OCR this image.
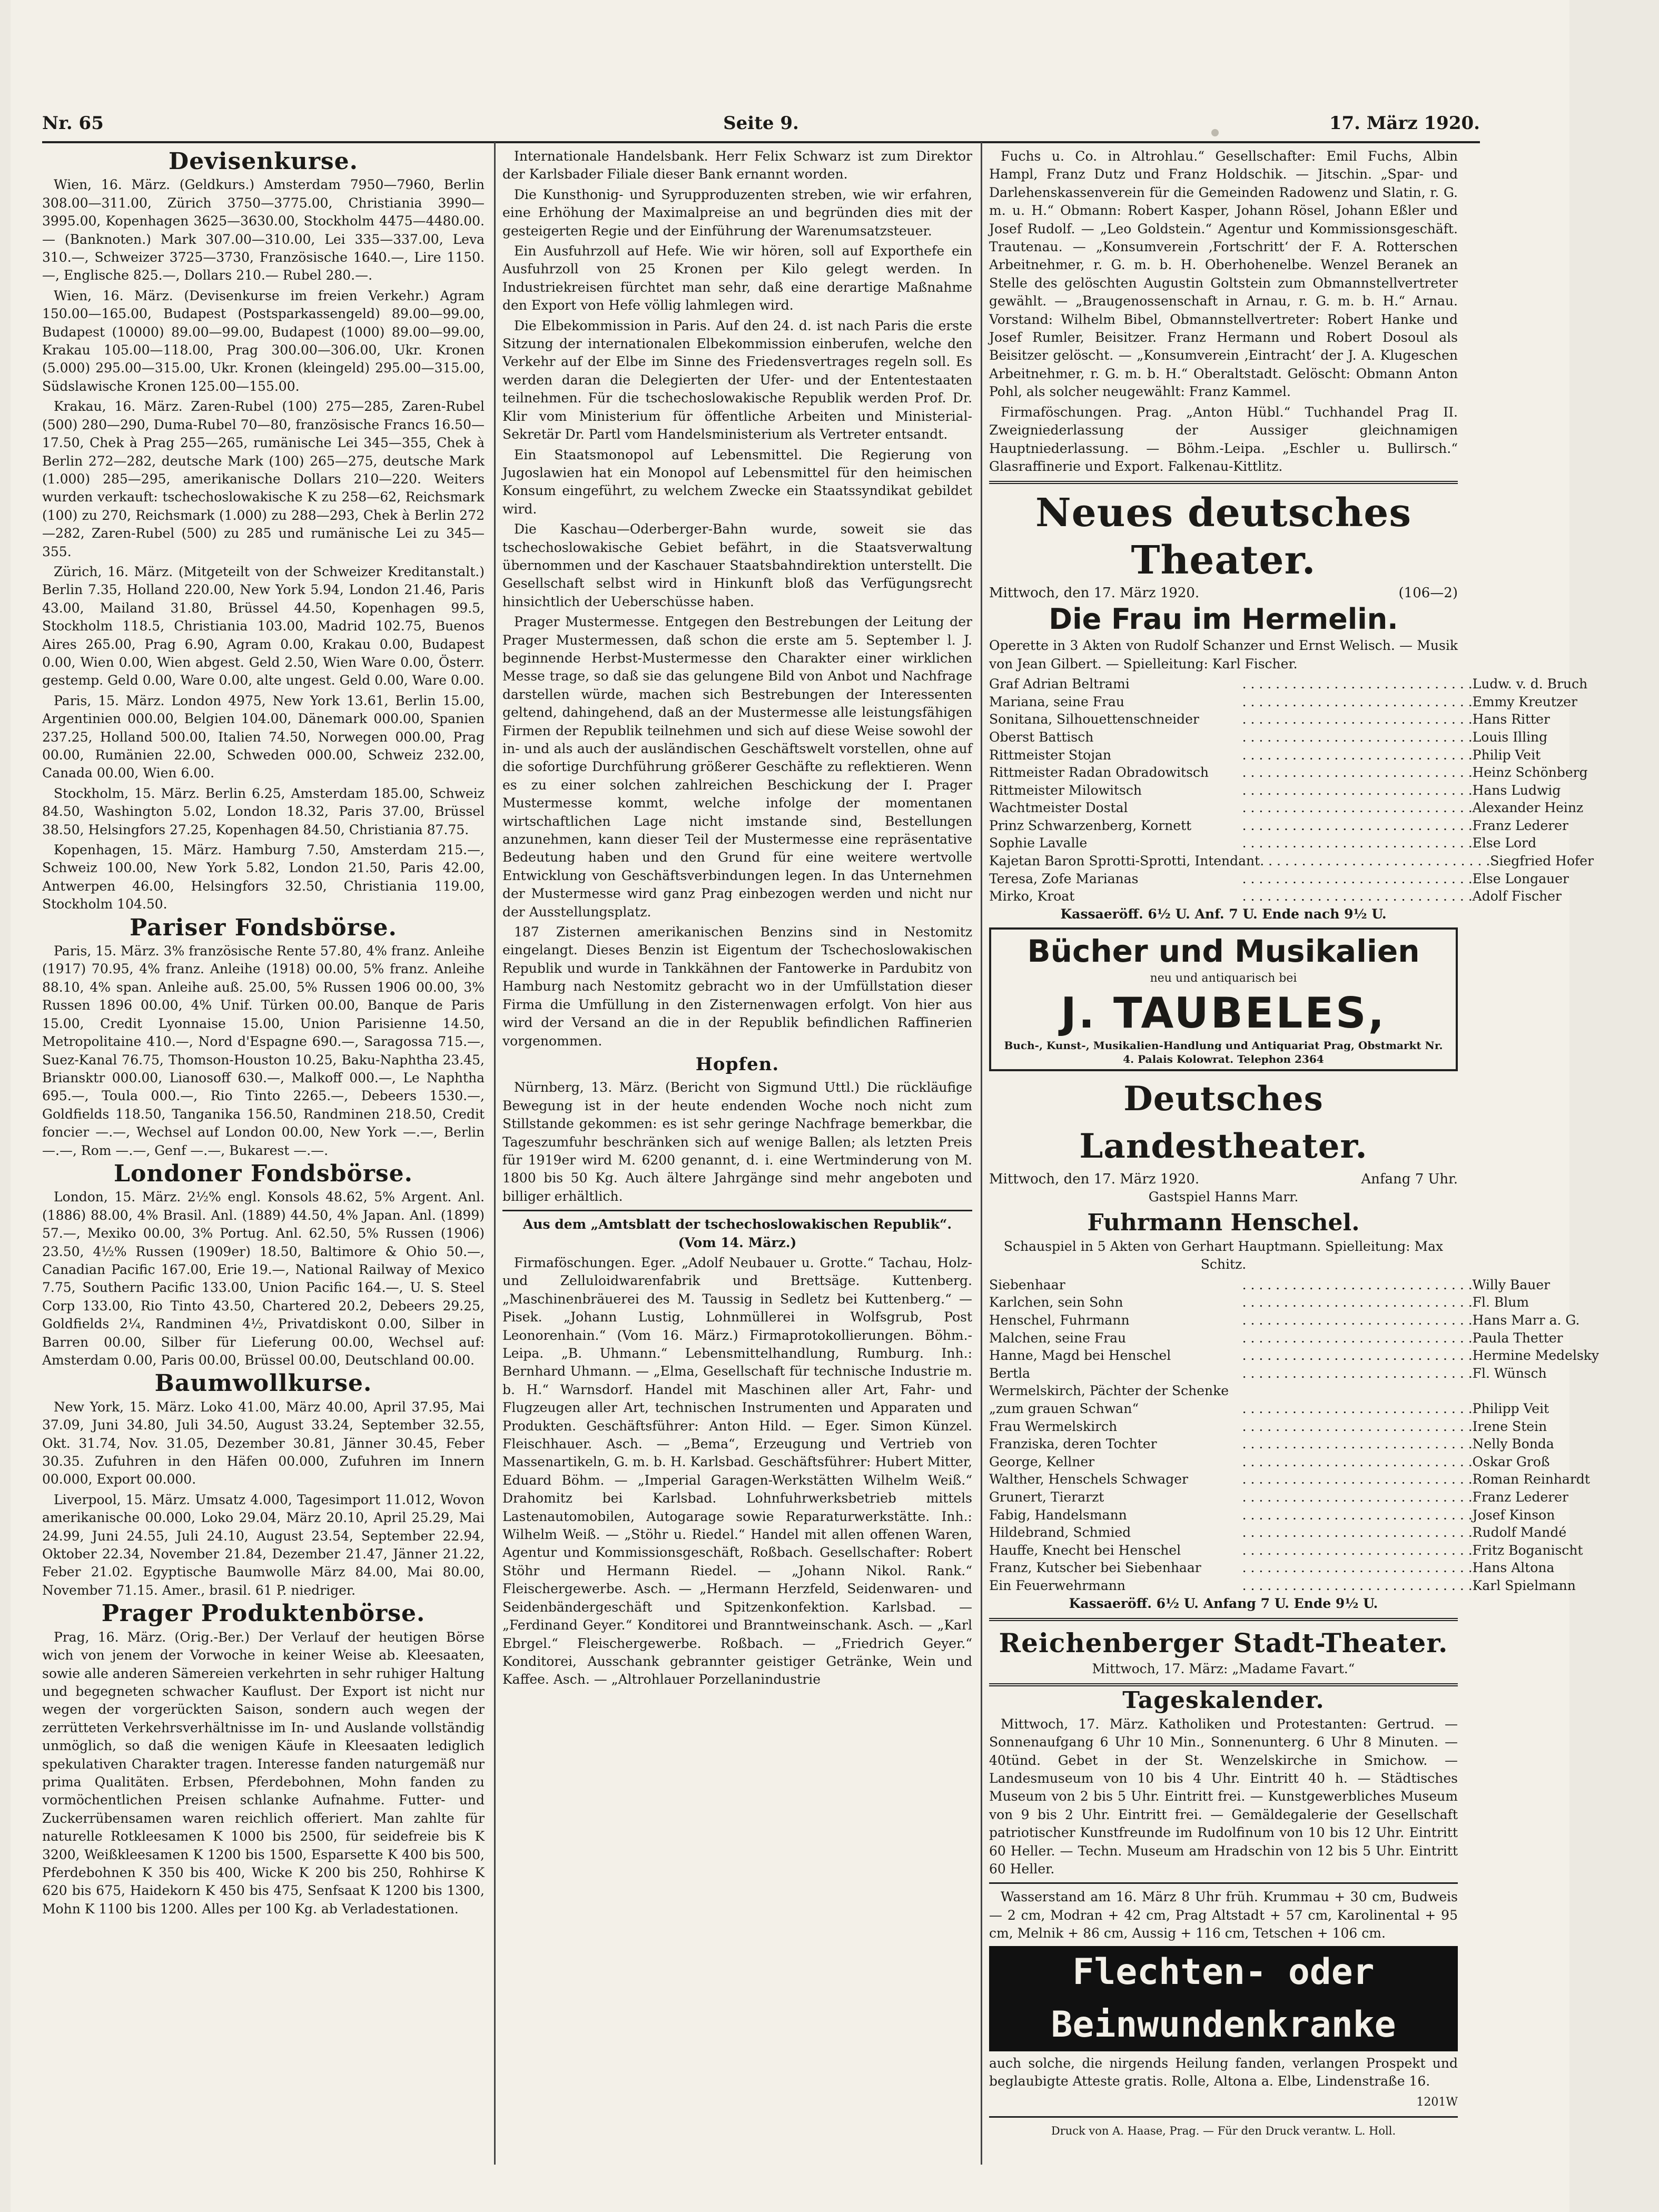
Nr. 65	Seite 9.	17. März 1920.
Devisenkurse.

Wien, 16. März. (Geldkurs.) Amsterdam 7950—7960, Berlin 308.00—311.00, Zürich 3750—3775.00, Christiania 3990—3995.00, Kopenhagen 3625—3630.00, Stockholm 4475—4480.00. — (Banknoten.) Mark 307.00—310.00, Lei 335—337.00, Leva 310.—, Schweizer 3725—3730, Französische 1640.—, Lire 1150.—, Englische 825.—, Dollars 210.— Rubel 280.—.

Wien, 16. März. (Devisenkurse im freien Verkehr.) Agram 150.00—165.00, Budapest (Postsparkassengeld) 89.00—99.00, Budapest (10000) 89.00—99.00, Budapest (1000) 89.00—99.00, Krakau 105.00—118.00, Prag 300.00—306.00, Ukr. Kronen (5.000) 295.00—315.00, Ukr. Kronen (kleingeld) 295.00—315.00, Südslawische Kronen 125.00—155.00.

Krakau, 16. März. Zaren-Rubel (100) 275—285, Zaren-Rubel (500) 280—290, Duma-Rubel 70—80, französische Francs 16.50—17.50, Chek à Prag 255—265, rumänische Lei 345—355, Chek à Berlin 272—282, deutsche Mark (100) 265—275, deutsche Mark (1.000) 285—295, amerikanische Dollars 210—220. Weiters wurden verkauft: tschechoslowakische K zu 258—62, Reichsmark (100) zu 270, Reichsmark (1.000) zu 288—293, Chek à Berlin 272—282, Zaren-Rubel (500) zu 285 und rumänische Lei zu 345—355.

Zürich, 16. März. (Mitgeteilt von der Schweizer Kreditanstalt.) Berlin 7.35, Holland 220.00, New York 5.94, London 21.46, Paris 43.00, Mailand 31.80, Brüssel 44.50, Kopenhagen 99.5, Stockholm 118.5, Christiania 103.00, Madrid 102.75, Buenos Aires 265.00, Prag 6.90, Agram 0.00, Krakau 0.00, Budapest 0.00, Wien 0.00, Wien abgest. Geld 2.50, Wien Ware 0.00, Österr. gestemp. Geld 0.00, Ware 0.00, alte ungest. Geld 0.00, Ware 0.00.

Paris, 15. März. London 4975, New York 13.61, Berlin 15.00, Argentinien 000.00, Belgien 104.00, Dänemark 000.00, Spanien 237.25, Holland 500.00, Italien 74.50, Norwegen 000.00, Prag 00.00, Rumänien 22.00, Schweden 000.00, Schweiz 232.00, Canada 00.00, Wien 6.00.

Stockholm, 15. März. Berlin 6.25, Amsterdam 185.00, Schweiz 84.50, Washington 5.02, London 18.32, Paris 37.00, Brüssel 38.50, Helsingfors 27.25, Kopenhagen 84.50, Christiania 87.75.

Kopenhagen, 15. März. Hamburg 7.50, Amsterdam 215.—, Schweiz 100.00, New York 5.82, London 21.50, Paris 42.00, Antwerpen 46.00, Helsingfors 32.50, Christiania 119.00, Stockholm 104.50.

Pariser Fondsbörse.

Paris, 15. März. 3% französische Rente 57.80, 4% franz. Anleihe (1917) 70.95, 4% franz. Anleihe (1918) 00.00, 5% franz. Anleihe 88.10, 4% span. Anleihe auß. 25.00, 5% Russen 1906 00.00, 3% Russen 1896 00.00, 4% Unif. Türken 00.00, Banque de Paris 15.00, Credit Lyonnaise 15.00, Union Parisienne 14.50, Metropolitaine 410.—, Nord d'Espagne 690.—, Saragossa 715.—, Suez-Kanal 76.75, Thomson-Houston 10.25, Baku-Naphtha 23.45, Briansktr 000.00, Lianosoff 630.—, Malkoff 000.—, Le Naphtha 695.—, Toula 000.—, Rio Tinto 2265.—, Debeers 1530.—, Goldfields 118.50, Tanganika 156.50, Randminen 218.50, Credit foncier —.—, Wechsel auf London 00.00, New York —.—, Berlin —.—, Rom —.—, Genf —.—, Bukarest —.—.

Londoner Fondsbörse.

London, 15. März. 2½% engl. Konsols 48.62, 5% Argent. Anl. (1886) 88.00, 4% Brasil. Anl. (1889) 44.50, 4% Japan. Anl. (1899) 57.—, Mexiko 00.00, 3% Portug. Anl. 62.50, 5% Russen (1906) 23.50, 4½% Russen (1909er) 18.50, Baltimore & Ohio 50.—, Canadian Pacific 167.00, Erie 19.—, National Railway of Mexico 7.75, Southern Pacific 133.00, Union Pacific 164.—, U. S. Steel Corp 133.00, Rio Tinto 43.50, Chartered 20.2, Debeers 29.25, Goldfields 2¼, Randminen 4½, Privatdiskont 0.00, Silber in Barren 00.00, Silber für Lieferung 00.00, Wechsel auf: Amsterdam 0.00, Paris 00.00, Brüssel 00.00, Deutschland 00.00.

Baumwollkurse.

New York, 15. März. Loko 41.00, März 40.00, April 37.95, Mai 37.09, Juni 34.80, Juli 34.50, August 33.24, September 32.55, Okt. 31.74, Nov. 31.05, Dezember 30.81, Jänner 30.45, Feber 30.35. Zufuhren in den Häfen 00.000, Zufuhren im Innern 00.000, Export 00.000.

Liverpool, 15. März. Umsatz 4.000, Tagesimport 11.012, Wovon amerikanische 00.000, Loko 29.04, März 20.10, April 25.29, Mai 24.99, Juni 24.55, Juli 24.10, August 23.54, September 22.94, Oktober 22.34, November 21.84, Dezember 21.47, Jänner 21.22, Feber 21.02. Egyptische Baumwolle März 84.00, Mai 80.00, November 71.15. Amer., brasil. 61 P. niedriger.

Prager Produktenbörse.

Prag, 16. März. (Orig.-Ber.) Der Verlauf der heutigen Börse wich von jenem der Vorwoche in keiner Weise ab. Kleesaaten, sowie alle anderen Sämereien verkehrten in sehr ruhiger Haltung und begegneten schwacher Kauflust. Der Export ist nicht nur wegen der vorgerückten Saison, sondern auch wegen der zerrütteten Verkehrsverhältnisse im In- und Auslande vollständig unmöglich, so daß die wenigen Käufe in Kleesaaten lediglich spekulativen Charakter tragen. Interesse fanden naturgemäß nur prima Qualitäten. Erbsen, Pferdebohnen, Mohn fanden zu vormöchentlichen Preisen schlanke Aufnahme. Futter- und Zuckerrübensamen waren reichlich offeriert. Man zahlte für naturelle Rotkleesamen K 1000 bis 2500, für seidefreie bis K 3200, Weißkleesamen K 1200 bis 1500, Esparsette K 400 bis 500, Pferdebohnen K 350 bis 400, Wicke K 200 bis 250, Rohhirse K 620 bis 675, Haidekorn K 450 bis 475, Senfsaat K 1200 bis 1300, Mohn K 1100 bis 1200. Alles per 100 Kg. ab Verladestationen.

Internationale Handelsbank. Herr Felix Schwarz ist zum Direktor der Karlsbader Filiale dieser Bank ernannt worden.

Die Kunsthonig- und Syrupproduzenten streben, wie wir erfahren, eine Erhöhung der Maximalpreise an und begründen dies mit der gesteigerten Regie und der Einführung der Warenumsatzsteuer.

Ein Ausfuhrzoll auf Hefe. Wie wir hören, soll auf Exporthefe ein Ausfuhrzoll von 25 Kronen per Kilo gelegt werden. In Industriekreisen fürchtet man sehr, daß eine derartige Maßnahme den Export von Hefe völlig lahmlegen wird.

Die Elbekommission in Paris. Auf den 24. d. ist nach Paris die erste Sitzung der internationalen Elbekommission einberufen, welche den Verkehr auf der Elbe im Sinne des Friedensvertrages regeln soll. Es werden daran die Delegierten der Ufer- und der Ententestaaten teilnehmen. Für die tschechoslowakische Republik werden Prof. Dr. Klir vom Ministerium für öffentliche Arbeiten und Ministerial-Sekretär Dr. Partl vom Handelsministerium als Vertreter entsandt.

Ein Staatsmonopol auf Lebensmittel. Die Regierung von Jugoslawien hat ein Monopol auf Lebensmittel für den heimischen Konsum eingeführt, zu welchem Zwecke ein Staatssyndikat gebildet wird.

Die Kaschau—Oderberger-Bahn wurde, soweit sie das tschechoslowakische Gebiet befährt, in die Staatsverwaltung übernommen und der Kaschauer Staatsbahndirektion unterstellt. Die Gesellschaft selbst wird in Hinkunft bloß das Verfügungsrecht hinsichtlich der Ueberschüsse haben.

Prager Mustermesse. Entgegen den Bestrebungen der Leitung der Prager Mustermessen, daß schon die erste am 5. September l. J. beginnende Herbst-Mustermesse den Charakter einer wirklichen Messe trage, so daß sie das gelungene Bild von Anbot und Nachfrage darstellen würde, machen sich Bestrebungen der Interessenten geltend, dahingehend, daß an der Mustermesse alle leistungsfähigen Firmen der Republik teilnehmen und sich auf diese Weise sowohl der in- und als auch der ausländischen Geschäftswelt vorstellen, ohne auf die sofortige Durchführung größerer Geschäfte zu reflektieren. Wenn es zu einer solchen zahlreichen Beschickung der I. Prager Mustermesse kommt, welche infolge der momentanen wirtschaftlichen Lage nicht imstande sind, Bestellungen anzunehmen, kann dieser Teil der Mustermesse eine repräsentative Bedeutung haben und den Grund für eine weitere wertvolle Entwicklung von Geschäftsverbindungen legen. In das Unternehmen der Mustermesse wird ganz Prag einbezogen werden und nicht nur der Ausstellungsplatz.

187 Zisternen amerikanischen Benzins sind in Nestomitz eingelangt. Dieses Benzin ist Eigentum der Tschechoslowakischen Republik und wurde in Tankkähnen der Fantowerke in Pardubitz von Hamburg nach Nestomitz gebracht wo in der Umfüllstation dieser Firma die Umfüllung in den Zisternenwagen erfolgt. Von hier aus wird der Versand an die in der Republik befindlichen Raffinerien vorgenommen.

Hopfen.

Nürnberg, 13. März. (Bericht von Sigmund Uttl.) Die rückläufige Bewegung ist in der heute endenden Woche noch nicht zum Stillstande gekommen: es ist sehr geringe Nachfrage bemerkbar, die Tageszumfuhr beschränken sich auf wenige Ballen; als letzten Preis für 1919er wird M. 6200 genannt, d. i. eine Wertminderung von M. 1800 bis 50 Kg. Auch ältere Jahrgänge sind mehr angeboten und billiger erhältlich.

Aus dem „Amtsblatt der tschechoslowakischen Republik“. (Vom 14. März.)

Firmaföschungen. Eger. „Adolf Neubauer u. Grotte.“ Tachau, Holz- und Zelluloidwarenfabrik und Brettsäge. Kuttenberg. „Maschinenbräuerei des M. Taussig in Sedletz bei Kuttenberg.“ — Pisek. „Johann Lustig, Lohnmüllerei in Wolfsgrub, Post Leonorenhain.“ (Vom 16. März.) Firmaprotokollierungen. Böhm.-Leipa. „B. Uhmann.“ Lebensmittelhandlung, Rumburg. Inh.: Bernhard Uhmann. — „Elma, Gesellschaft für technische Industrie m. b. H.“ Warnsdorf. Handel mit Maschinen aller Art, Fahr- und Flugzeugen aller Art, technischen Instrumenten und Apparaten und Produkten. Geschäftsführer: Anton Hild. — Eger. Simon Künzel. Fleischhauer. Asch. — „Bema“, Erzeugung und Vertrieb von Massenartikeln, G. m. b. H. Karlsbad. Geschäftsführer: Hubert Mitter, Eduard Böhm. — „Imperial Garagen-Werkstätten Wilhelm Weiß.“ Drahomitz bei Karlsbad. Lohnfuhrwerksbetrieb mittels Lastenautomobilen, Autogarage sowie Reparaturwerkstätte. Inh.: Wilhelm Weiß. — „Stöhr u. Riedel.“ Handel mit allen offenen Waren, Agentur und Kommissionsgeschäft, Roßbach. Gesellschafter: Robert Stöhr und Hermann Riedel. — „Johann Nikol. Rank.“ Fleischergewerbe. Asch. — „Hermann Herzfeld, Seidenwaren- und Seidenbändergeschäft und Spitzenkonfektion. Karlsbad. — „Ferdinand Geyer.“ Konditorei und Branntweinschank. Asch. — „Karl Ebrgel.“ Fleischergewerbe. Roßbach. — „Friedrich Geyer.“ Konditorei, Ausschank gebrannter geistiger Getränke, Wein und Kaffee. Asch. — „Altrohlauer Porzellanindustrie

Fuchs u. Co. in Altrohlau.“ Gesellschafter: Emil Fuchs, Albin Hampl, Franz Dutz und Franz Holdschik. — Jitschin. „Spar- und Darlehenskassenverein für die Gemeinden Radowenz und Slatin, r. G. m. u. H.“ Obmann: Robert Kasper, Johann Rösel, Johann Eßler und Josef Rudolf. — „Leo Goldstein.“ Agentur und Kommissionsgeschäft. Trautenau. — „Konsumverein ‚Fortschritt‘ der F. A. Rotterschen Arbeitnehmer, r. G. m. b. H. Oberhohenelbe. Wenzel Beranek an Stelle des gelöschten Augustin Goltstein zum Obmannstellvertreter gewählt. — „Braugenossenschaft in Arnau, r. G. m. b. H.“ Arnau. Vorstand: Wilhelm Bibel, Obmannstellvertreter: Robert Hanke und Josef Rumler, Beisitzer. Franz Hermann und Robert Dosoul als Beisitzer gelöscht. — „Konsumverein ‚Eintracht‘ der J. A. Klugeschen Arbeitnehmer, r. G. m. b. H.“ Oberaltstadt. Gelöscht: Obmann Anton Pohl, als solcher neugewählt: Franz Kammel.

Firmaföschungen. Prag. „Anton Hübl.“ Tuchhandel Prag II. Zweigniederlassung der Aussiger gleichnamigen Hauptniederlassung. — Böhm.-Leipa. „Eschler u. Bullirsch.“ Glasraffinerie und Export. Falkenau-Kittlitz.

Neues deutsches Theater.
Mittwoch, den 17. März 1920.	(106—2)
Die Frau im Hermelin.

Operette in 3 Akten von Rudolf Schanzer und Ernst Welisch. — Musik von Jean Gilbert. — Spielleitung: Karl Fischer.

Graf Adrian Beltrami	. . . . . . . . . . . . . . . . . . . . . . . . . . . . Ludw. v. d. Bruch
Mariana, seine Frau	. . . . . . . . . . . . . . . . . . . . . . . . . . . . Emmy Kreutzer
Sonitana, Silhouettenschneider	. . . . . . . . . . . . . . . . . . . . . . . . . . . . Hans Ritter
Oberst Battisch	. . . . . . . . . . . . . . . . . . . . . . . . . . . . Louis Illing
Rittmeister Stojan	. . . . . . . . . . . . . . . . . . . . . . . . . . . . Philip Veit
Rittmeister Radan Obradowitsch	. . . . . . . . . . . . . . . . . . . . . . . . . . . . Heinz Schönberg
Rittmeister Milowitsch	. . . . . . . . . . . . . . . . . . . . . . . . . . . . Hans Ludwig
Wachtmeister Dostal	. . . . . . . . . . . . . . . . . . . . . . . . . . . . Alexander Heinz
Prinz Schwarzenberg, Kornett	. . . . . . . . . . . . . . . . . . . . . . . . . . . . Franz Lederer
Sophie Lavalle	. . . . . . . . . . . . . . . . . . . . . . . . . . . . Else Lord
Kajetan Baron Sprotti-Sprotti, Intendant . . . . . . . . . . . . . . . . . . . . . . . . . . . . Siegfried Hofer
Teresa, Zofe Marianas	. . . . . . . . . . . . . . . . . . . . . . . . . . . . Else Longauer
Mirko, Kroat	. . . . . . . . . . . . . . . . . . . . . . . . . . . . Adolf Fischer

Kassaeröff. 6½ U. Anf. 7 U. Ende nach 9½ U.

Bücher und Musikalien
neu und antiquarisch bei
J. TAUBELES,
Buch-, Kunst-, Musikalien-Handlung und Antiquariat Prag, Obstmarkt Nr. 4. Palais Kolowrat. Telephon 2364
Deutsches Landestheater.
Mittwoch, den 17. März 1920.	Anfang 7 Uhr.

Gastspiel Hanns Marr.

Fuhrmann Henschel.

Schauspiel in 5 Akten von Gerhart Hauptmann. Spielleitung: Max Schitz.

Siebenhaar	. . . . . . . . . . . . . . . . . . . . . . . . . . . . Willy Bauer
Karlchen, sein Sohn	. . . . . . . . . . . . . . . . . . . . . . . . . . . . Fl. Blum
Henschel, Fuhrmann	. . . . . . . . . . . . . . . . . . . . . . . . . . . . Hans Marr a. G.
Malchen, seine Frau	. . . . . . . . . . . . . . . . . . . . . . . . . . . . Paula Thetter
Hanne, Magd bei Henschel	. . . . . . . . . . . . . . . . . . . . . . . . . . . . Hermine Medelsky
Bertla	. . . . . . . . . . . . . . . . . . . . . . . . . . . . Fl. Wünsch
Wermelskirch, Pächter der Schenke
„zum grauen Schwan“	. . . . . . . . . . . . . . . . . . . . . . . . . . . . Philipp Veit
Frau Wermelskirch	. . . . . . . . . . . . . . . . . . . . . . . . . . . . Irene Stein
Franziska, deren Tochter	. . . . . . . . . . . . . . . . . . . . . . . . . . . . Nelly Bonda
George, Kellner	. . . . . . . . . . . . . . . . . . . . . . . . . . . . Oskar Groß
Walther, Henschels Schwager	. . . . . . . . . . . . . . . . . . . . . . . . . . . . Roman Reinhardt
Grunert, Tierarzt	. . . . . . . . . . . . . . . . . . . . . . . . . . . . Franz Lederer
Fabig, Handelsmann	. . . . . . . . . . . . . . . . . . . . . . . . . . . . Josef Kinson
Hildebrand, Schmied	. . . . . . . . . . . . . . . . . . . . . . . . . . . . Rudolf Mandé
Hauffe, Knecht bei Henschel	. . . . . . . . . . . . . . . . . . . . . . . . . . . . Fritz Boganischt
Franz, Kutscher bei Siebenhaar	. . . . . . . . . . . . . . . . . . . . . . . . . . . . Hans Altona
Ein Feuerwehrmann	. . . . . . . . . . . . . . . . . . . . . . . . . . . . Karl Spielmann

Kassaeröff. 6½ U. Anfang 7 U. Ende 9½ U.

Reichenberger Stadt-Theater.

Mittwoch, 17. März: „Madame Favart.“

Tageskalender.

Mittwoch, 17. März. Katholiken und Protestanten: Gertrud. — Sonnenaufgang 6 Uhr 10 Min., Sonnenunterg. 6 Uhr 8 Minuten. — 40tünd. Gebet in der St. Wenzelskirche in Smichow. — Landesmuseum von 10 bis 4 Uhr. Eintritt 40 h. — Städtisches Museum von 2 bis 5 Uhr. Eintritt frei. — Kunstgewerbliches Museum von 9 bis 2 Uhr. Eintritt frei. — Gemäldegalerie der Gesellschaft patriotischer Kunstfreunde im Rudolfinum von 10 bis 12 Uhr. Eintritt 60 Heller. — Techn. Museum am Hradschin von 12 bis 5 Uhr. Eintritt 60 Heller.

Wasserstand am 16. März 8 Uhr früh. Krummau + 30 cm, Budweis — 2 cm, Modran + 42 cm, Prag Altstadt + 57 cm, Karolinental + 95 cm, Melnik + 86 cm, Aussig + 116 cm, Tetschen + 106 cm.

Flechten- oder Beinwundenkranke

auch solche, die nirgends Heilung fanden, verlangen Prospekt und beglaubigte Atteste gratis. Rolle, Altona a. Elbe, Lindenstraße 16.

1201W

Druck von A. Haase, Prag. — Für den Druck verantw. L. Holl.
